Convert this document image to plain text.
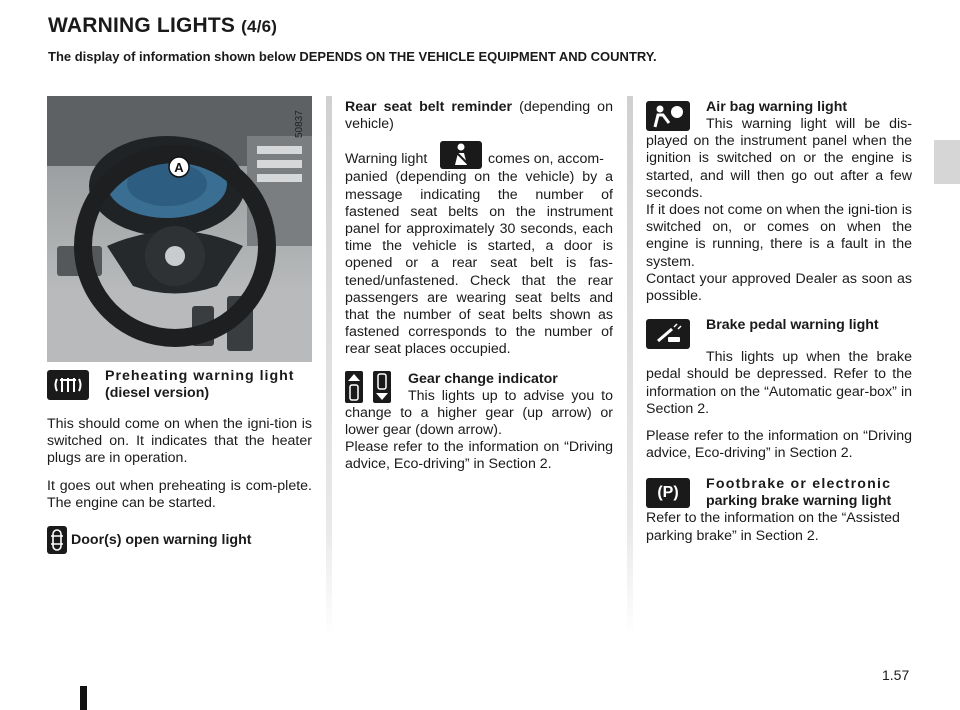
WARNING LIGHTS (4/6)
The display of information shown below DEPENDS ON THE VEHICLE EQUIPMENT AND COUNTRY.
A
50837
Preheating warning light
(diesel version)

This should come on when the igni-tion is switched on. It indicates that the heater plugs are in operation.

It goes out when preheating is com-plete. The engine can be started.

Door(s) open warning light

Rear seat belt reminder (depending on vehicle)

Warning light	comes on, accom-

panied (depending on the vehicle) by a message indicating the number of fastened seat belts on the instrument panel for approximately 30 seconds, each time the vehicle is started, a door is opened or a rear seat belt is fas-tened/unfastened. Check that the rear passengers are wearing seat belts and that the number of seat belts shown as fastened corresponds to the number of rear seat places occupied.

Gear change indicator

This lights up to advise you to change to a higher gear (up arrow) or lower gear (down arrow).

Please refer to the information on “Driving advice, Eco-driving” in Section 2.

Air bag warning light

This warning light will be dis-played on the instrument panel when the ignition is switched on or the engine is started, and will then go out after a few seconds.

If it does not come on when the igni-tion is switched on, or comes on when the engine is running, there is a fault in the system.

Contact your approved Dealer as soon as possible.

Brake pedal warning light

This lights up when the brake pedal should be depressed. Refer to the information on the “Automatic gear-box” in Section 2.

Please refer to the information on “Driving advice, Eco-driving” in Section 2.

(P)	Footbrake or electronic
parking brake warning light

Refer to the information on the “Assisted parking brake” in Section 2.

1.57
